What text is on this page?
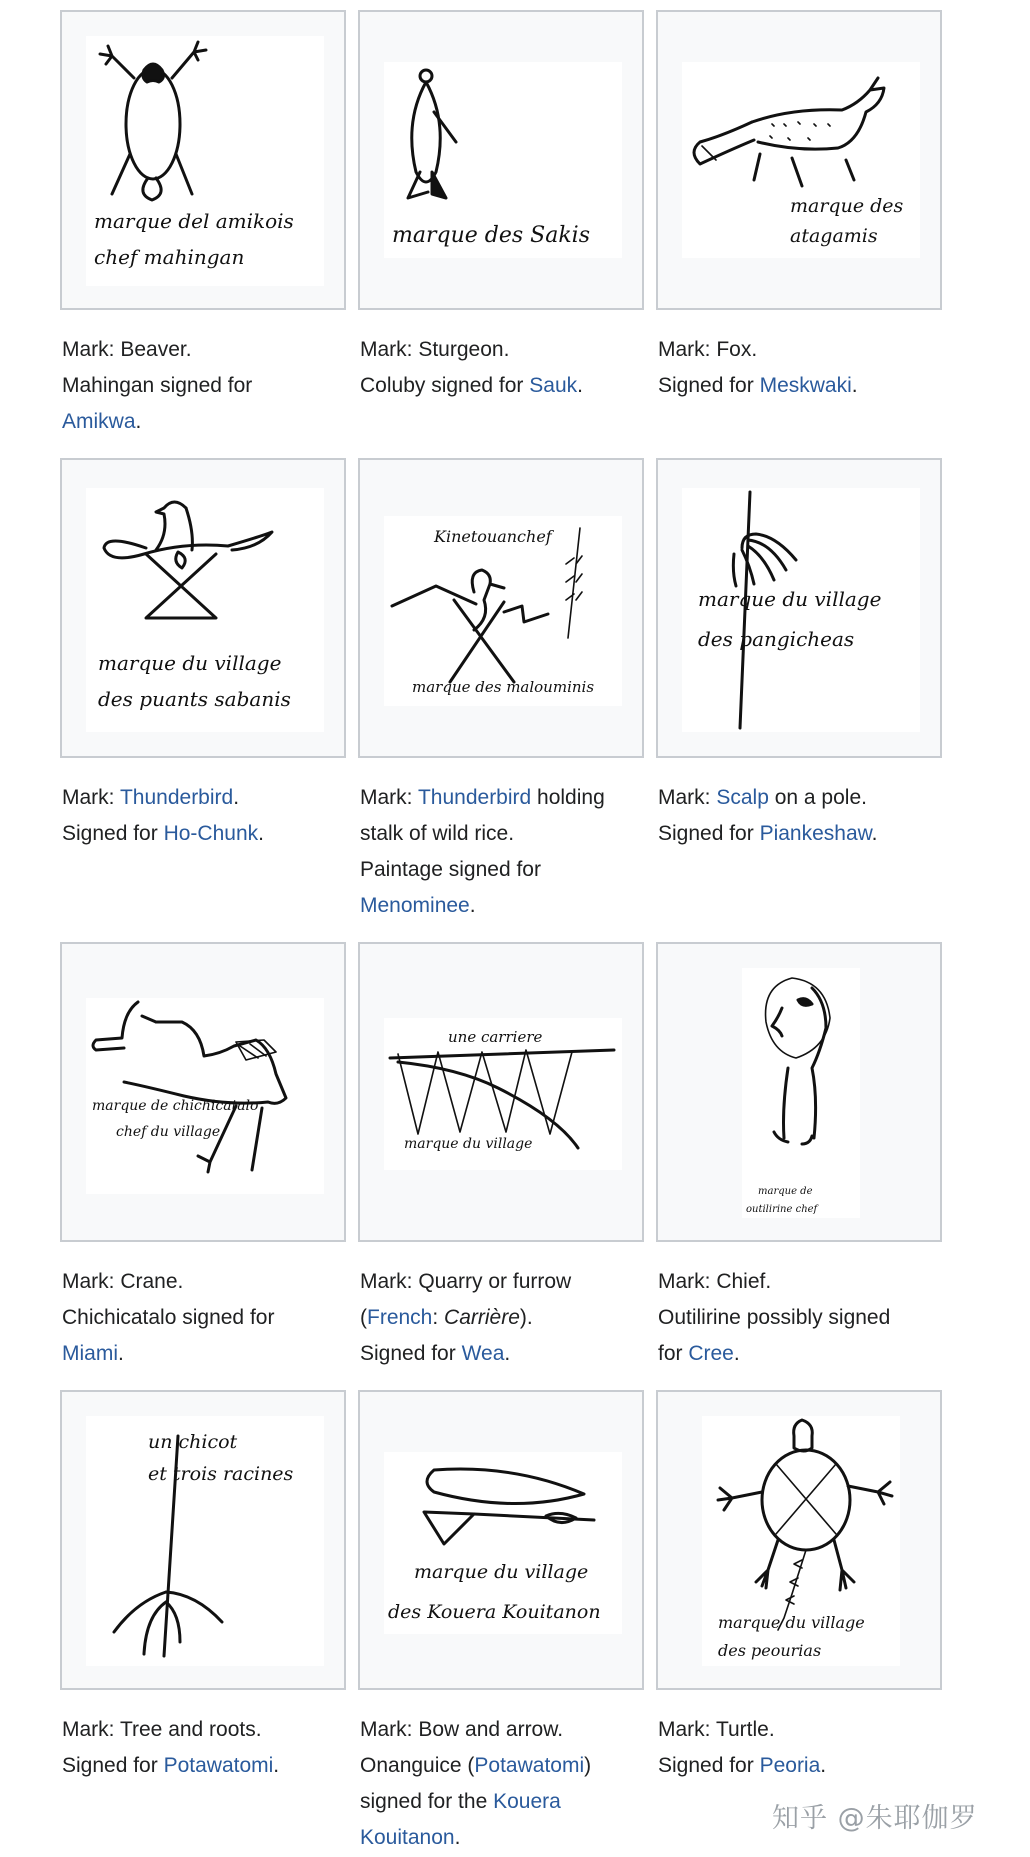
marque del amikois
chef mahingan

Mark: Beaver.

Mahingan signed for

Amikwa.

marque des Sakis

Mark: Sturgeon.

Coluby signed for Sauk.

marque des
atagamis

Mark: Fox.

Signed for Meskwaki.

marque du village
des puants sabanis

Mark: Thunderbird.

Signed for Ho-Chunk.

Kinetouanchef
marque des malouminis

Mark: Thunderbird holding

stalk of wild rice.

Paintage signed for

Menominee.

marque du village
des pangicheas

Mark: Scalp on a pole.

Signed for Piankeshaw.

marque de chichicatalo
chef du village

Mark: Crane.

Chichicatalo signed for

Miami.

une carriere
marque du village

Mark: Quarry or furrow

(French: Carrière).

Signed for Wea.

marque de
outilirine chef

Mark: Chief.

Outilirine possibly signed

for Cree.

un chicot
et trois racines

Mark: Tree and roots.

Signed for Potawatomi.

marque du village
des Kouera Kouitanon

Mark: Bow and arrow.

Onanguice (Potawatomi)

signed for the Kouera

Kouitanon.

marque du village
des peourias

Mark: Turtle.

Signed for Peoria.

知乎 @朱耶伽罗
